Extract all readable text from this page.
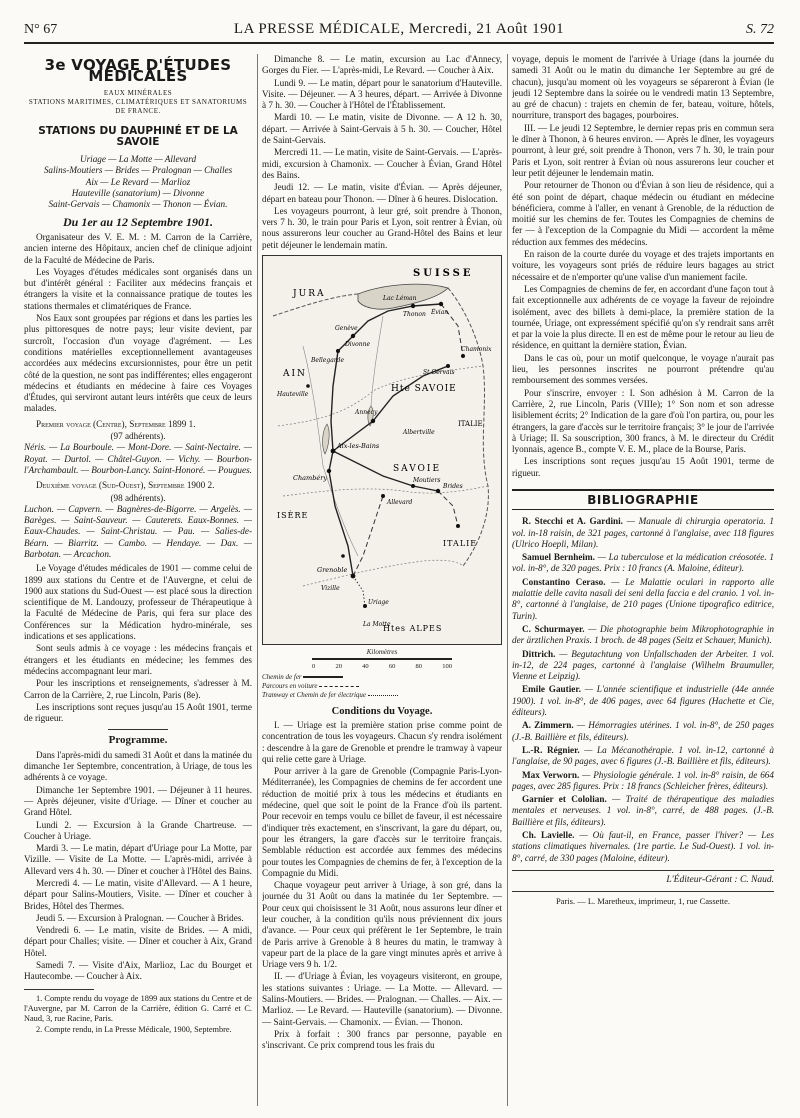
N° 67	LA PRESSE MÉDICALE, Mercredi, 21 Août 1901	S. 72
3e VOYAGE D'ÉTUDES MÉDICALES
EAUX MINÉRALES
STATIONS MARITIMES, CLIMATÉRIQUES ET SANATORIUMS
DE FRANCE.
STATIONS DU DAUPHINÉ ET DE LA SAVOIE
Uriage — La Motte — Allevard
Salins-Moutiers — Brides — Pralognan — Challes
Aix — Le Revard — Marlioz
Hauteville (sanatorium) — Divonne
Saint-Gervais — Chamonix — Thonon — Évian.
Du 1er au 12 Septembre 1901.

Organisateur des V. E. M. : M. Carron de la Carrière, ancien interne des Hôpitaux, ancien chef de clinique adjoint de la Faculté de Médecine de Paris.

Les Voyages d'études médicales sont organisés dans un but d'intérêt général : Faciliter aux médecins français et étrangers la visite et la connaissance pratique de toutes les stations thermales et climatériques de France.

Nos Eaux sont groupées par régions et dans les parties les plus pittoresques de notre pays; leur visite devient, par surcroît, l'occasion d'un voyage d'agrément. — Les conditions matérielles exceptionnellement avantageuses accordées aux médecins excursionnistes, pour être un petit côté de la question, ne sont pas indifférentes; elles engageront médecins et étudiants en médecine à faire ces Voyages d'Études, qui serviront autant leurs intérêts que ceux de leurs malades.

Premier voyage (Centre), Septembre 1899 1.

(97 adhérents).

Néris. — La Bourboule. — Mont-Dore. — Saint-Nectaire. — Royat. — Durtol. — Châtel-Guyon. — Vichy. — Bourbon-l'Archambault. — Bourbon-Lancy. Saint-Honoré. — Pougues.

Deuxième voyage (Sud-Ouest), Septembre 1900 2.

(98 adhérents).

Luchon. — Capvern. — Bagnères-de-Bigorre. — Argelès. — Barèges. — Saint-Sauveur. — Cauterets. Eaux-Bonnes. — Eaux-Chaudes. — Saint-Christau. — Pau. — Salies-de-Béarn. — Biarritz. — Cambo. — Hendaye. — Dax. — Barbotan. — Arcachon.

Le Voyage d'études médicales de 1901 — comme celui de 1899 aux stations du Centre et de l'Auvergne, et celui de 1900 aux stations du Sud-Ouest — est placé sous la direction scientifique de M. Landouzy, professeur de Thérapeutique à la Faculté de Médecine de Paris, qui fera sur place des Conférences sur la Médication hydro-minérale, ses indications et ses applications.

Sont seuls admis à ce voyage : les médecins français et étrangers et les étudiants en médecine; les femmes des médecins accompagnant leur mari.

Pour les inscriptions et renseignements, s'adresser à M. Carron de la Carrière, 2, rue Lincoln, Paris (8e).

Les inscriptions sont reçues jusqu'au 15 Août 1901, terme de rigueur.

Programme.

Dans l'après-midi du samedi 31 Août et dans la matinée du dimanche 1er Septembre, concentration, à Uriage, de tous les adhérents à ce voyage.

Dimanche 1er Septembre 1901. — Déjeuner à 11 heures. — Après déjeuner, visite d'Uriage. — Dîner et coucher au Grand Hôtel.

Lundi 2. — Excursion à la Grande Chartreuse. — Coucher à Uriage.

Mardi 3. — Le matin, départ d'Uriage pour La Motte, par Vizille. — Visite de La Motte. — L'après-midi, arrivée à Allevard vers 4 h. 30. — Dîner et coucher à l'Hôtel des Bains.

Mercredi 4. — Le matin, visite d'Allevard. — A 1 heure, départ pour Salins-Moutiers, Visite. — Dîner et coucher à Brides, Hôtel des Thermes.

Jeudi 5. — Excursion à Pralognan. — Coucher à Brides.

Vendredi 6. — Le matin, visite de Brides. — A midi, départ pour Challes; visite. — Dîner et coucher à Aix, Grand Hôtel.

Samedi 7. — Visite d'Aix, Marlioz, Lac du Bourget et Hautecombe. — Coucher à Aix.

1. Compte rendu du voyage de 1899 aux stations du Centre et de l'Auvergne, par M. Carron de la Carrière, édition G. Carré et C. Naud, 3, rue Racine, Paris.

2. Compte rendu, in La Presse Médicale, 1900, Septembre.

Dimanche 8. — Le matin, excursion au Lac d'Annecy, Gorges du Fier. — L'après-midi, Le Revard. — Coucher à Aix.

Lundi 9. — Le matin, départ pour le sanatorium d'Hauteville. Visite. — Déjeuner. — A 3 heures, départ. — Arrivée à Divonne à 7 h. 30. — Coucher à l'Hôtel de l'Établissement.

Mardi 10. — Le matin, visite de Divonne. — A 12 h. 30, départ. — Arrivée à Saint-Gervais à 5 h. 30. — Coucher, Hôtel de Saint-Gervais.

Mercredi 11. — Le matin, visite de Saint-Gervais. — L'après-midi, excursion à Chamonix. — Coucher à Évian, Grand Hôtel des Bains.

Jeudi 12. — Le matin, visite d'Évian. — Après déjeuner, départ en bateau pour Thonon. — Dîner à 6 heures. Dislocation.

Les voyageurs pourront, à leur gré, soit prendre à Thonon, vers 7 h. 30, le train pour Paris et Lyon, soit rentrer à Évian, où nous assurerons leur coucher au Grand-Hôtel des Bains et leur petit déjeuner le lendemain matin.

SUISSE
JURA	Lac Léman
AIN
Hte SAVOIE
SAVOIE
ITALIE
ITALIE
ISÈRE
Htes ALPES
Genève
Divonne
Thonon Évian
Annecy
Aix-les-Bains
Chambéry
Grenoble
Uriage
Allevard
Brides
Moutiers
Chamonix
St Gervais
Bellegarde
Hauteville
La Motte
Albertville
Vizille
Kilomètres
0	20	40	60	80	100
Chemin de fer
Parcours en voiture
Tramway et Chemin de fer électrique
Conditions du Voyage.

I. — Uriage est la première station prise comme point de concentration de tous les voyageurs. Chacun s'y rendra isolément : descendre à la gare de Grenoble et prendre le tramway à vapeur qui relie cette gare à Uriage.

Pour arriver à la gare de Grenoble (Compagnie Paris-Lyon-Méditerranée), les Compagnies de chemins de fer accordent une réduction de moitié prix à tous les médecins et étudiants en médecine, quel que soit le point de la France d'où ils partent. Pour recevoir en temps voulu ce billet de faveur, il est nécessaire d'indiquer très exactement, en s'inscrivant, la gare du départ, ou, pour les étrangers, la gare d'accès sur le territoire français. Semblable réduction est accordée aux femmes des médecins pour toutes les Compagnies de chemins de fer, à l'exception de la Compagnie du Midi.

Chaque voyageur peut arriver à Uriage, à son gré, dans la journée du 31 Août ou dans la matinée du 1er Septembre. — Pour ceux qui choisissent le 31 Août, nous assurons leur dîner et leur coucher, à la condition qu'ils nous préviennent dix jours d'avance. — Pour ceux qui préfèrent le 1er Septembre, le train de Paris arrive à Grenoble à 8 heures du matin, le tramway à vapeur part de la place de la gare vingt minutes après et arrive à Uriage vers 9 h. 1/2.

II. — d'Uriage à Évian, les voyageurs visiteront, en groupe, les stations suivantes : Uriage. — La Motte. — Allevard. — Salins-Moutiers. — Brides. — Pralognan. — Challes. — Aix. — Marlioz. — Le Revard. — Hauteville (sanatorium). — Divonne. — Saint-Gervais. — Chamonix. — Évian. — Thonon.

Prix à forfait : 300 francs par personne, payable en s'inscrivant. Ce prix comprend tous les frais du

voyage, depuis le moment de l'arrivée à Uriage (dans la journée du samedi 31 Août ou le matin du dimanche 1er Septembre au gré de chacun), jusqu'au moment où les voyageurs se sépareront à Évian (le jeudi 12 Septembre dans la soirée ou le vendredi matin 13 Septembre, au gré de chacun) : trajets en chemin de fer, bateau, voiture, hôtels, nourriture, transport des bagages, pourboires.

III. — Le jeudi 12 Septembre, le dernier repas pris en commun sera le dîner à Thonon, à 6 heures environ. — Après le dîner, les voyageurs pourront, à leur gré, soit prendre à Thonon, vers 7 h. 30, le train pour Paris et Lyon, soit rentrer à Évian où nous assurerons leur coucher et leur petit déjeuner le lendemain matin.

Pour retourner de Thonon ou d'Évian à son lieu de résidence, qui a été son point de départ, chaque médecin ou étudiant en médecine bénéficiera, comme à l'aller, en venant à Grenoble, de la réduction de moitié sur les chemins de fer. Toutes les Compagnies de chemins de fer — à l'exception de la Compagnie du Midi — accordent la même réduction aux femmes des médecins.

En raison de la courte durée du voyage et des trajets importants en voiture, les voyageurs sont priés de réduire leurs bagages au strict nécessaire et de n'emporter qu'une valise d'un maniement facile.

Les Compagnies de chemins de fer, en accordant d'une façon tout à fait exceptionnelle aux adhérents de ce voyage la faveur de rejoindre isolément, avec des billets à demi-place, la première station de la tournée, Uriage, ont expressément spécifié qu'on s'y rendrait sans arrêt et par la voie la plus directe. Il en est de même pour le retour au lieu de résidence, en quittant la dernière station, Évian.

Dans le cas où, pour un motif quelconque, le voyage n'aurait pas lieu, les personnes inscrites ne pourront prétendre qu'au remboursement des sommes versées.

Pour s'inscrire, envoyer : I. Son adhésion à M. Carron de la Carrière, 2, rue Lincoln, Paris (VIIIe); 1° Son nom et son adresse lisiblement écrits; 2° Indication de la gare d'où l'on partira, ou, pour les étrangers, la gare d'accès sur le territoire français; 3° le jour de l'arrivée à Uriage; II. Sa souscription, 300 francs, à M. le directeur du Crédit lyonnais, agence B., compte V. E. M., place de la Bourse, Paris.

Les inscriptions sont reçues jusqu'au 15 Août 1901, terme de rigueur.

BIBLIOGRAPHIE

R. Stecchi et A. Gardini. — Manuale di chirurgia operatoria. 1 vol. in-18 raisin, de 321 pages, cartonné à l'anglaise, avec 118 figures (Ulrico Hoepli, Milan).

Samuel Bernheim. — La tuberculose et la médication créosotée. 1 vol. in-8°, de 320 pages. Prix : 10 francs (A. Maloine, éditeur).

Constantino Ceraso. — Le Malattie oculari in rapporto alle malattie delle cavita nasali dei seni della faccia e del cranio. 1 vol. in-8°, cartonné à l'anglaise, de 210 pages (Unione tipografico editrice, Turin).

C. Schurmayer. — Die photographie beim Mikrophotographie in der ärztlichen Praxis. 1 broch. de 48 pages (Seitz et Schauer, Munich).

Dittrich. — Begutachtung von Unfallschaden der Arbeiter. 1 vol. in-12, de 224 pages, cartonné à l'anglaise (Wilhelm Braumuller, Vienne et Leipzig).

Emile Gautier. — L'année scientifique et industrielle (44e année 1900). 1 vol. in-8°, de 406 pages, avec 64 figures (Hachette et Cie, éditeurs).

A. Zimmern. — Hémorragies utérines. 1 vol. in-8°, de 250 pages (J.-B. Baillière et fils, éditeurs).

L.-R. Régnier. — La Mécanothérapie. 1 vol. in-12, cartonné à l'anglaise, de 90 pages, avec 6 figures (J.-B. Baillière et fils, éditeurs).

Max Verworn. — Physiologie générale. 1 vol. in-8° raisin, de 664 pages, avec 285 figures. Prix : 18 francs (Schleicher frères, éditeurs).

Garnier et Cololian. — Traité de thérapeutique des maladies mentales et nerveuses. 1 vol. in-8°, carré, de 488 pages. (J.-B. Baillière et fils, éditeurs).

Ch. Lavielle. — Où faut-il, en France, passer l'hiver? — Les stations climatiques hivernales. (1re partie. Le Sud-Ouest). 1 vol. in-8°, carré, de 330 pages (Maloine, éditeur).

L'Éditeur-Gérant : C. Naud.
Paris. — L. Maretheux, imprimeur, 1, rue Cassette.
